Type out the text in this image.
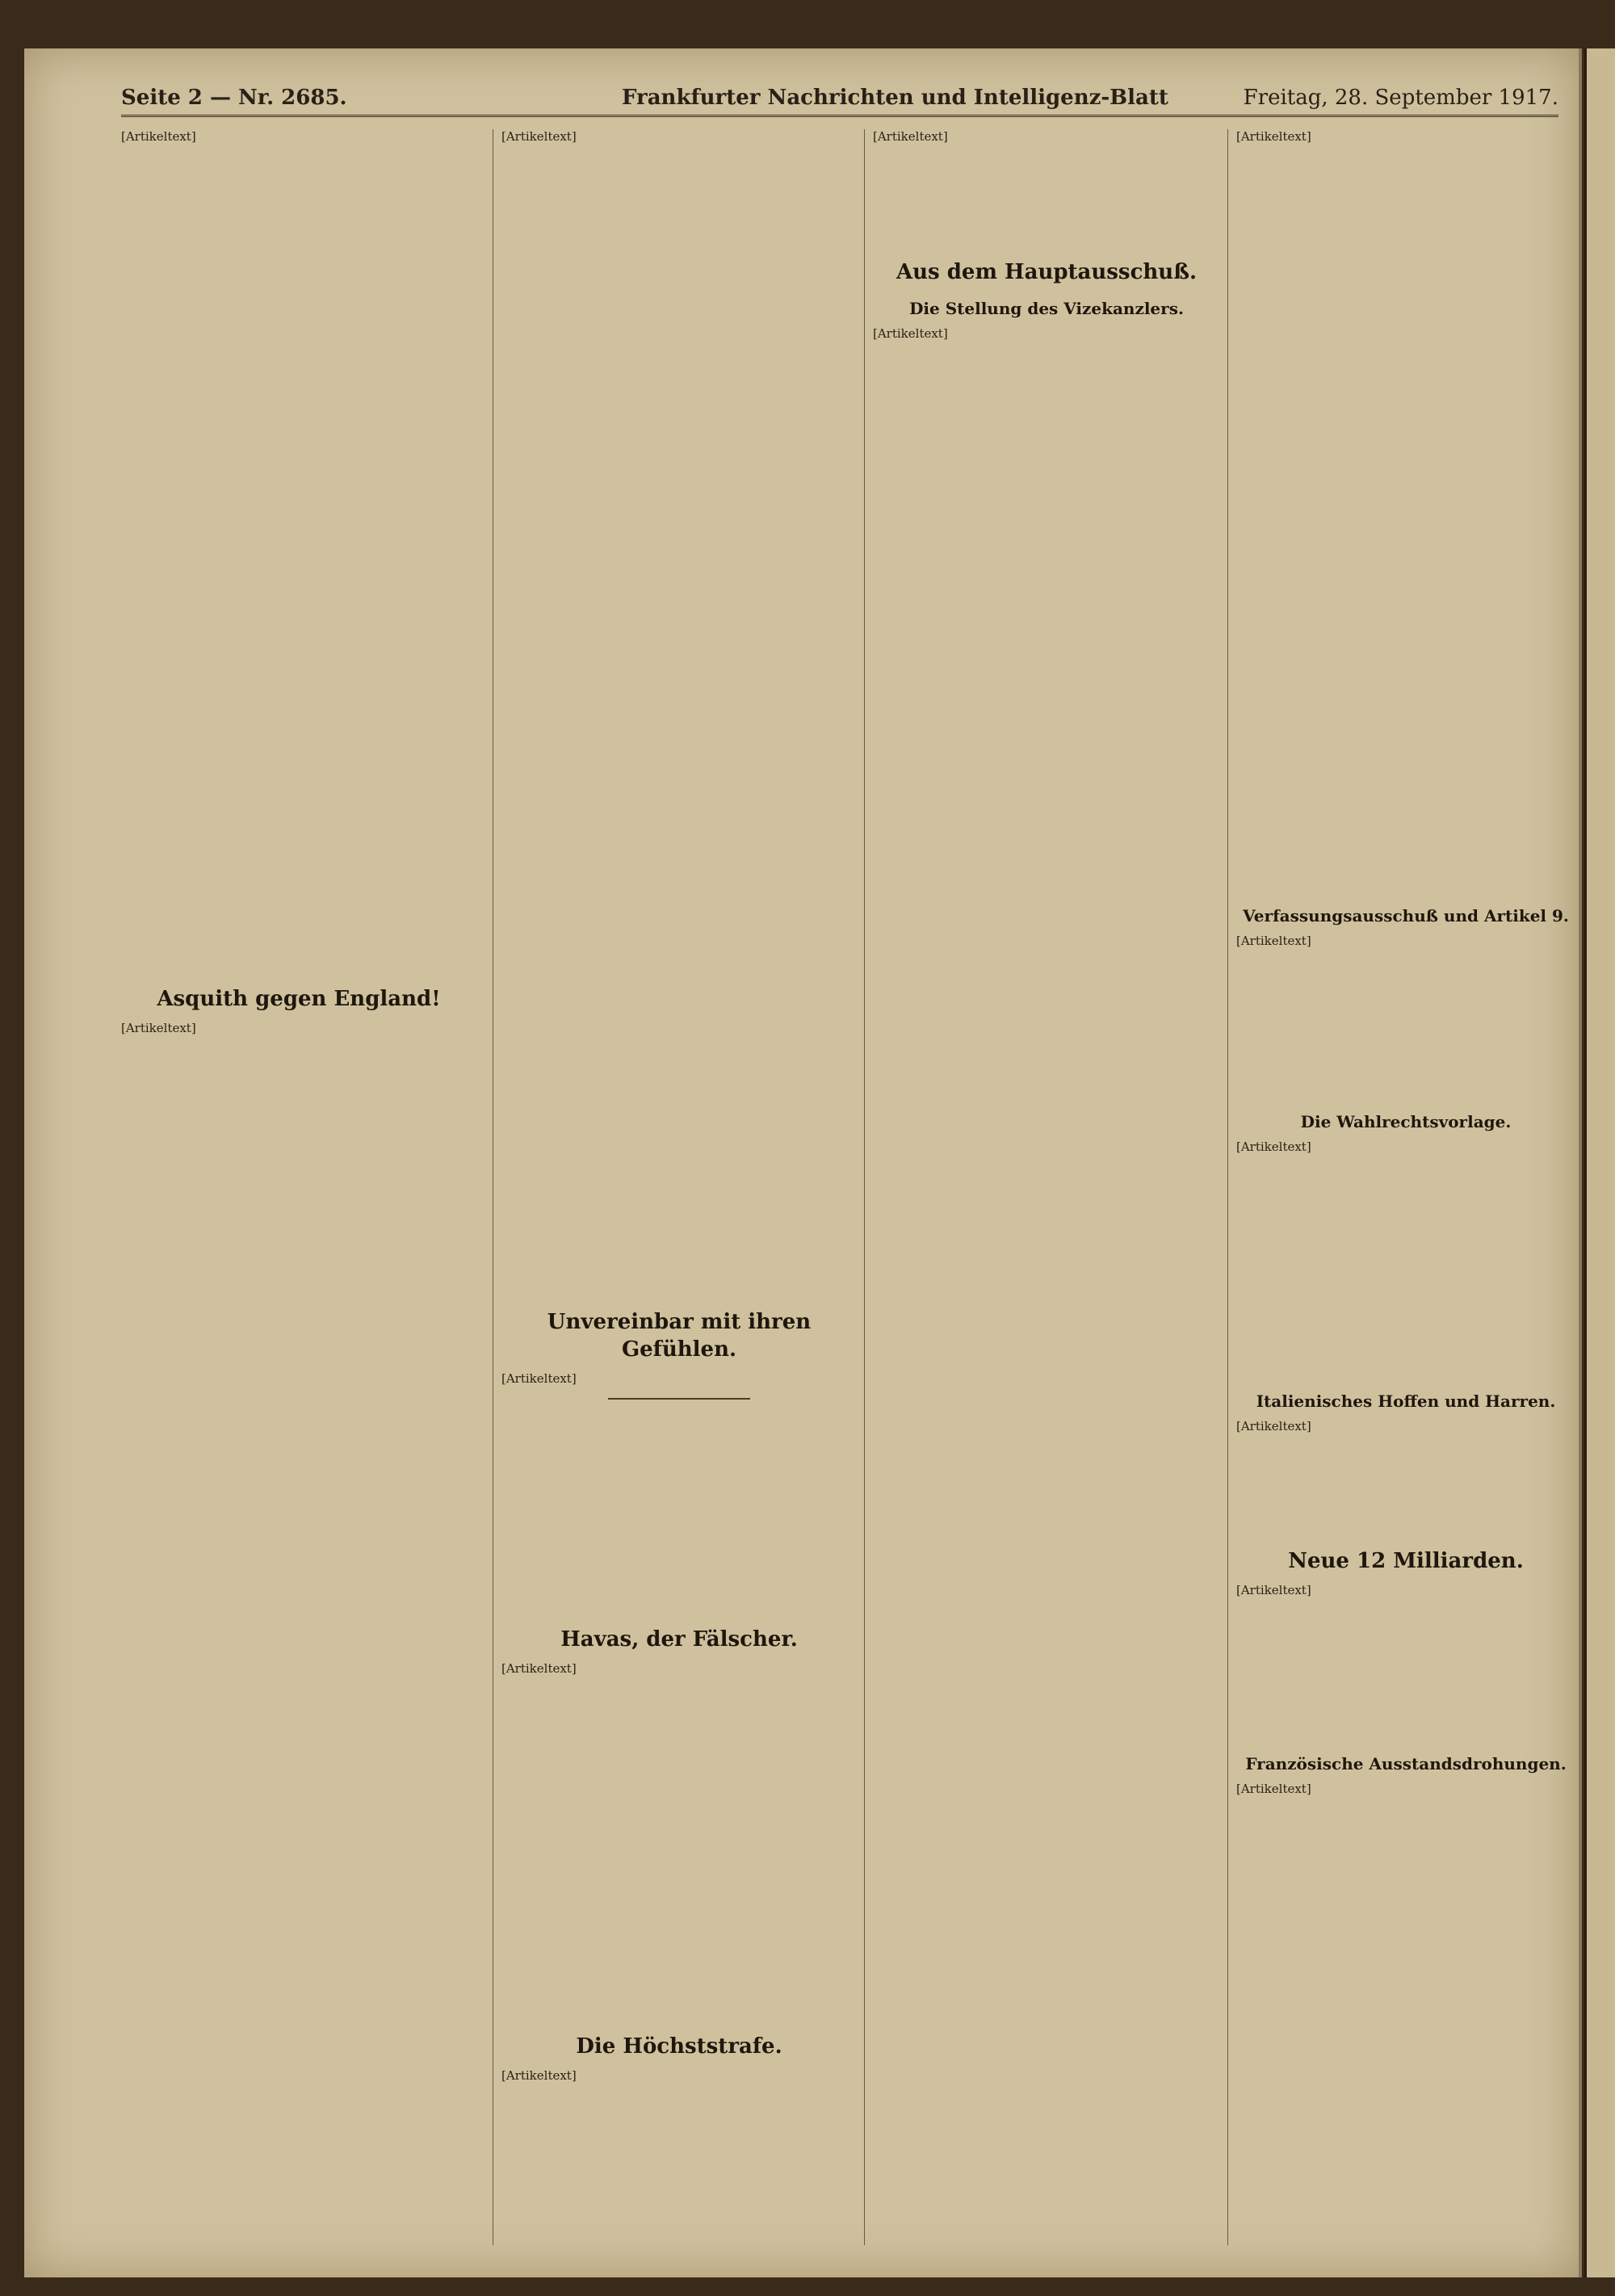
Seite 2 — Nr. 2685.	Frankfurter Nachrichten und Intelligenz-Blatt	Freitag, 28. September 1917.

[Artikeltext]

Asquith gegen England!

[Artikeltext]

[Artikeltext]

Unvereinbar mit ihren Gefühlen.

[Artikeltext]

Havas, der Fälscher.

[Artikeltext]

Die Höchststrafe.

[Artikeltext]

[Artikeltext]

Aus dem Hauptausschuß.
Die Stellung des Vizekanzlers.

[Artikeltext]

[Artikeltext]

Verfassungsausschuß und Artikel 9.

[Artikeltext]

Die Wahlrechtsvorlage.

[Artikeltext]

Italienisches Hoffen und Harren.

[Artikeltext]

Neue 12 Milliarden.

[Artikeltext]

Französische Ausstandsdrohungen.

[Artikeltext]
